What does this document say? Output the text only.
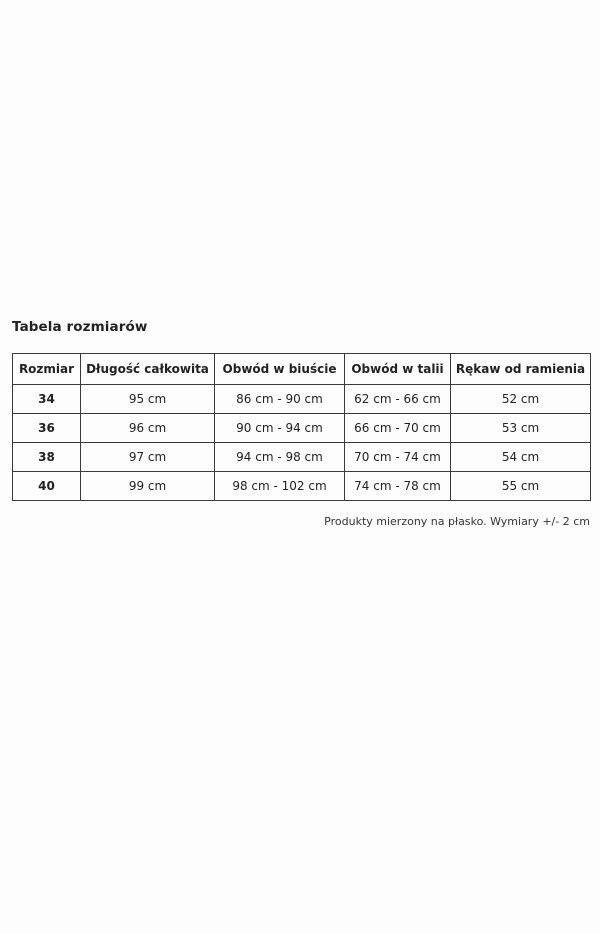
Tabela rozmiarów
Rozmiar	Długość całkowita	Obwód w biuście	Obwód w talii	Rękaw od ramienia
34	95 cm	86 cm - 90 cm	62 cm - 66 cm	52 cm
36	96 cm	90 cm - 94 cm	66 cm - 70 cm	53 cm
38	97 cm	94 cm - 98 cm	70 cm - 74 cm	54 cm
40	99 cm	98 cm - 102 cm	74 cm - 78 cm	55 cm
Produkty mierzony na płasko. Wymiary +/- 2 cm
